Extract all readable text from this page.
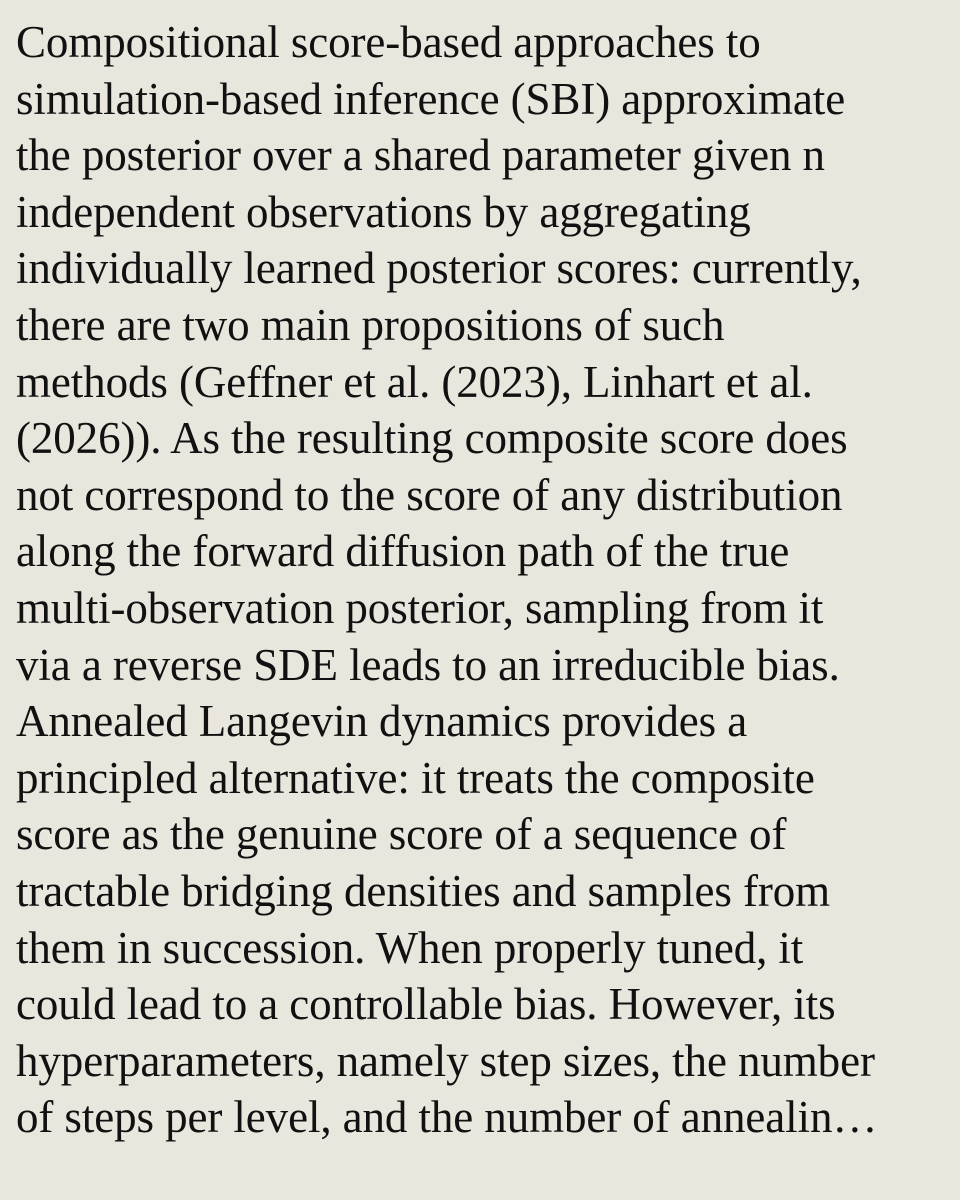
Compositional score-based approaches to
simulation-based inference (SBI) approximate
the posterior over a shared parameter given n
independent observations by aggregating
individually learned posterior scores: currently,
there are two main propositions of such
methods (Geffner et al. (2023), Linhart et al.
(2026)). As the resulting composite score does
not correspond to the score of any distribution
along the forward diffusion path of the true
multi-observation posterior, sampling from it
via a reverse SDE leads to an irreducible bias.
Annealed Langevin dynamics provides a
principled alternative: it treats the composite
score as the genuine score of a sequence of
tractable bridging densities and samples from
them in succession. When properly tuned, it
could lead to a controllable bias. However, its
hyperparameters, namely step sizes, the number
of steps per level, and the number of annealin…
